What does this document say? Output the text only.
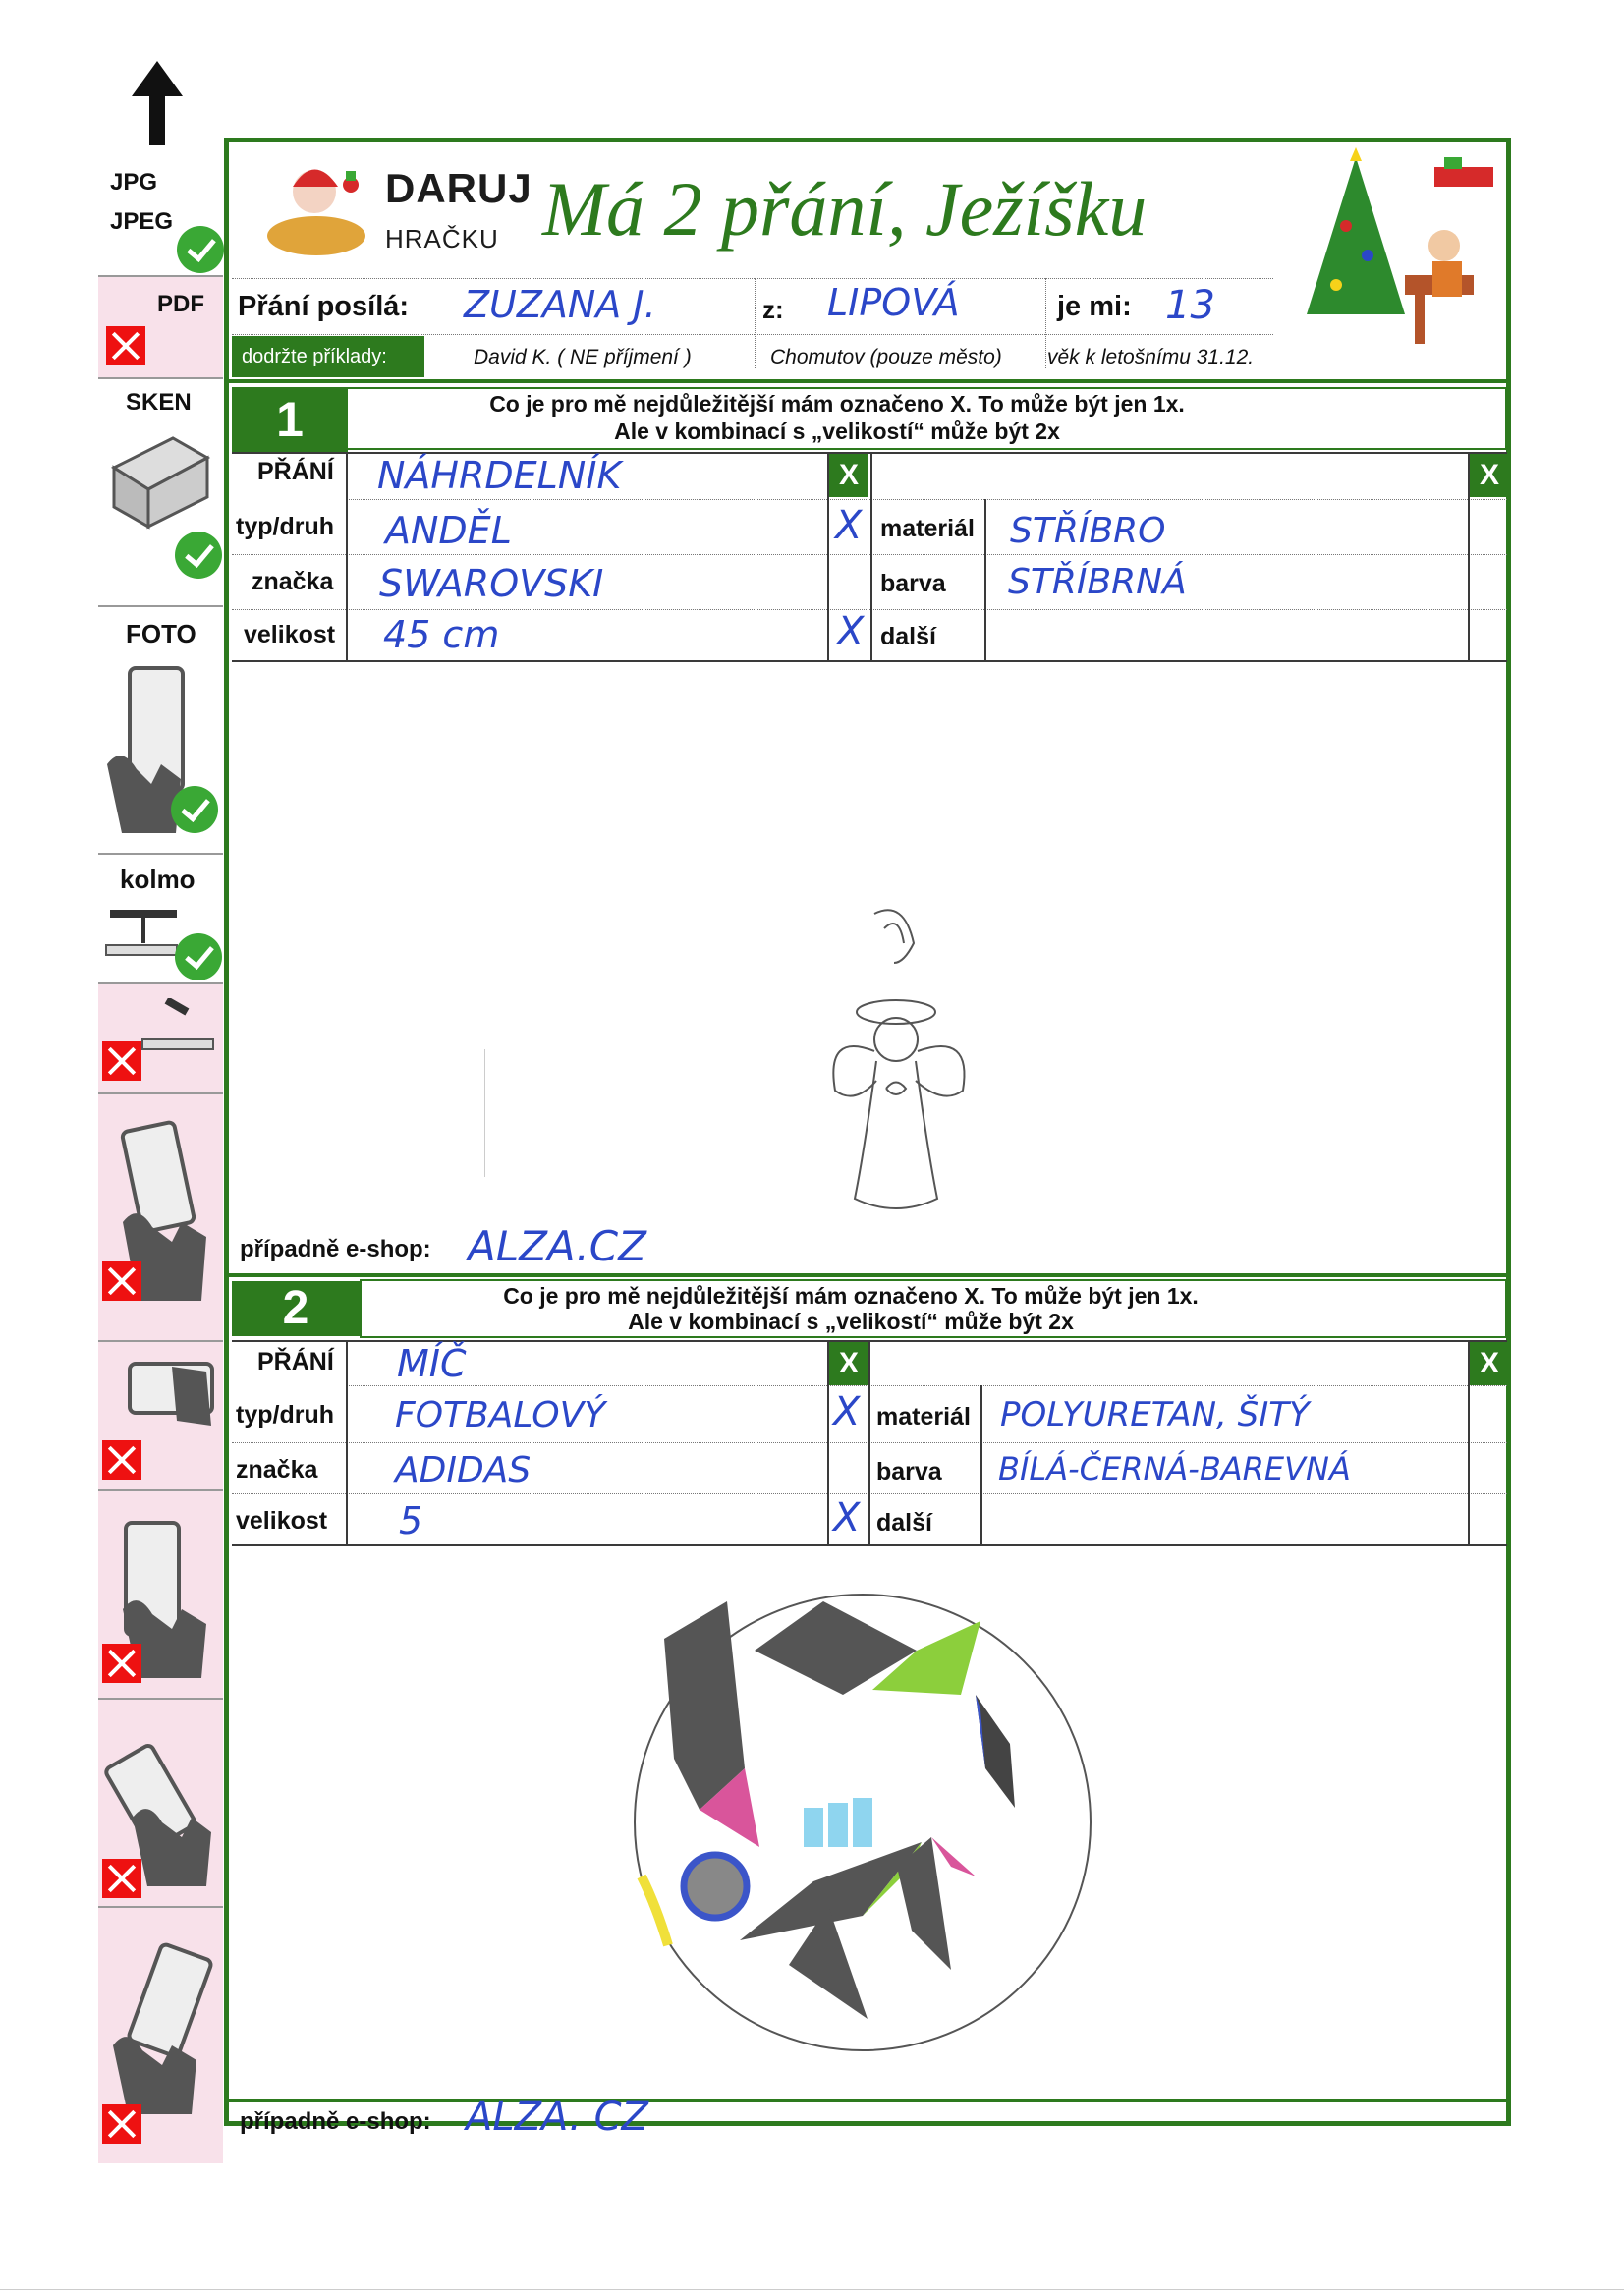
JPG
JPEG
PDF
SKEN
FOTO
kolmo
DARUJ
HRAČKU Má 2 přání, Ježíšku
Přání posílá: ZUZANA J.	z: LIPOVÁ	je mi: 13
dodržte příklady:	David K. ( NE příjmení )	Chomutov (pouze město) věk k letošnímu 31.12.
1	Co je pro mě nejdůležitější mám označeno X. To může být jen 1x.
Ale v kombinací s „velikostí“ může být 2x
PŘÁNÍ NÁHRDELNÍK	X	X
typ/druh ANDĚL	X materiál STŘÍBRO
značka SWAROVSKI	barva STŘÍBRNÁ
velikost 45 cm	X další
případně e-shop: ALZA.CZ
2	Co je pro mě nejdůležitější mám označeno X. To může být jen 1x.
Ale v kombinací s „velikostí“ může být 2x
PŘÁNÍ MÍČ	X	X
typ/druh FOTBALOVÝ	X materiál POLYURETAN, ŠITÝ
značka ADIDAS	barva BÍLÁ-ČERNÁ-BAREVNÁ
velikost 5	X další
případně e-shop: ALZA. CZ
